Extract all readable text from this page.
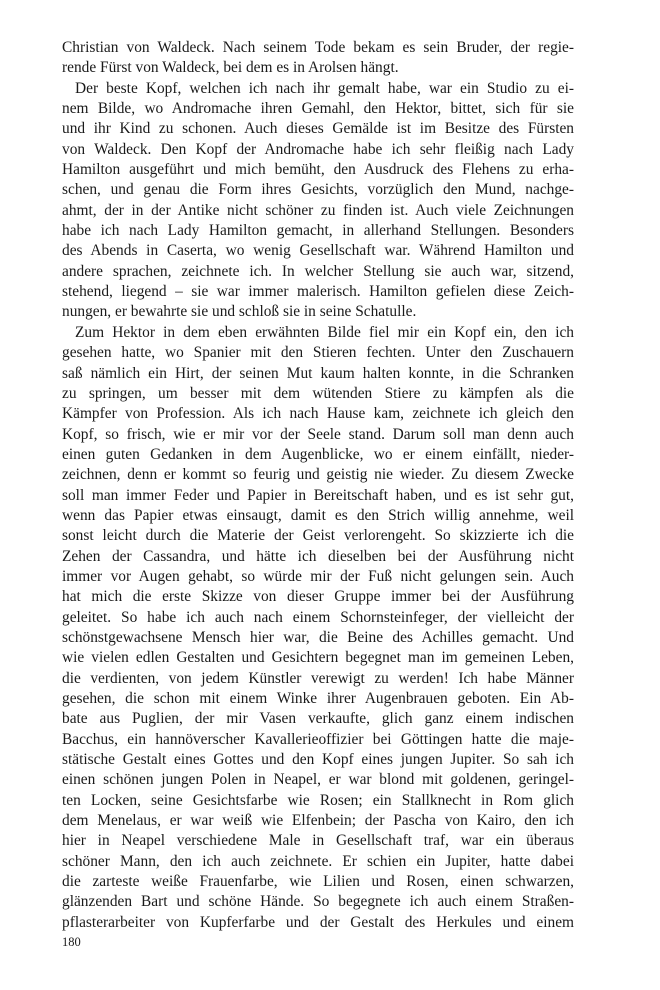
Christian von Waldeck. Nach seinem Tode bekam es sein Bruder, der regie-
rende Fürst von Waldeck, bei dem es in Arolsen hängt.
Der beste Kopf, welchen ich nach ihr gemalt habe, war ein Studio zu ei-
nem Bilde, wo Andromache ihren Gemahl, den Hektor, bittet, sich für sie
und ihr Kind zu schonen. Auch dieses Gemälde ist im Besitze des Fürsten
von Waldeck. Den Kopf der Andromache habe ich sehr fleißig nach Lady
Hamilton ausgeführt und mich bemüht, den Ausdruck des Flehens zu erha-
schen, und genau die Form ihres Gesichts, vorzüglich den Mund, nachge-
ahmt, der in der Antike nicht schöner zu finden ist. Auch viele Zeichnungen
habe ich nach Lady Hamilton gemacht, in allerhand Stellungen. Besonders
des Abends in Caserta, wo wenig Gesellschaft war. Während Hamilton und
andere sprachen, zeichnete ich. In welcher Stellung sie auch war, sitzend,
stehend, liegend – sie war immer malerisch. Hamilton gefielen diese Zeich-
nungen, er bewahrte sie und schloß sie in seine Schatulle.
Zum Hektor in dem eben erwähnten Bilde fiel mir ein Kopf ein, den ich
gesehen hatte, wo Spanier mit den Stieren fechten. Unter den Zuschauern
saß nämlich ein Hirt, der seinen Mut kaum halten konnte, in die Schranken
zu springen, um besser mit dem wütenden Stiere zu kämpfen als die
Kämpfer von Profession. Als ich nach Hause kam, zeichnete ich gleich den
Kopf, so frisch, wie er mir vor der Seele stand. Darum soll man denn auch
einen guten Gedanken in dem Augenblicke, wo er einem einfällt, nieder-
zeichnen, denn er kommt so feurig und geistig nie wieder. Zu diesem Zwecke
soll man immer Feder und Papier in Bereitschaft haben, und es ist sehr gut,
wenn das Papier etwas einsaugt, damit es den Strich willig annehme, weil
sonst leicht durch die Materie der Geist verlorengeht. So skizzierte ich die
Zehen der Cassandra, und hätte ich dieselben bei der Ausführung nicht
immer vor Augen gehabt, so würde mir der Fuß nicht gelungen sein. Auch
hat mich die erste Skizze von dieser Gruppe immer bei der Ausführung
geleitet. So habe ich auch nach einem Schornsteinfeger, der vielleicht der
schönstgewachsene Mensch hier war, die Beine des Achilles gemacht. Und
wie vielen edlen Gestalten und Gesichtern begegnet man im gemeinen Leben,
die verdienten, von jedem Künstler verewigt zu werden! Ich habe Männer
gesehen, die schon mit einem Winke ihrer Augenbrauen geboten. Ein Ab-
bate aus Puglien, der mir Vasen verkaufte, glich ganz einem indischen
Bacchus, ein hannöverscher Kavallerieoffizier bei Göttingen hatte die maje-
stätische Gestalt eines Gottes und den Kopf eines jungen Jupiter. So sah ich
einen schönen jungen Polen in Neapel, er war blond mit goldenen, geringel-
ten Locken, seine Gesichtsfarbe wie Rosen; ein Stallknecht in Rom glich
dem Menelaus, er war weiß wie Elfenbein; der Pascha von Kairo, den ich
hier in Neapel verschiedene Male in Gesellschaft traf, war ein überaus
schöner Mann, den ich auch zeichnete. Er schien ein Jupiter, hatte dabei
die zarteste weiße Frauenfarbe, wie Lilien und Rosen, einen schwarzen,
glänzenden Bart und schöne Hände. So begegnete ich auch einem Straßen-
pflasterarbeiter von Kupferfarbe und der Gestalt des Herkules und einem
180
